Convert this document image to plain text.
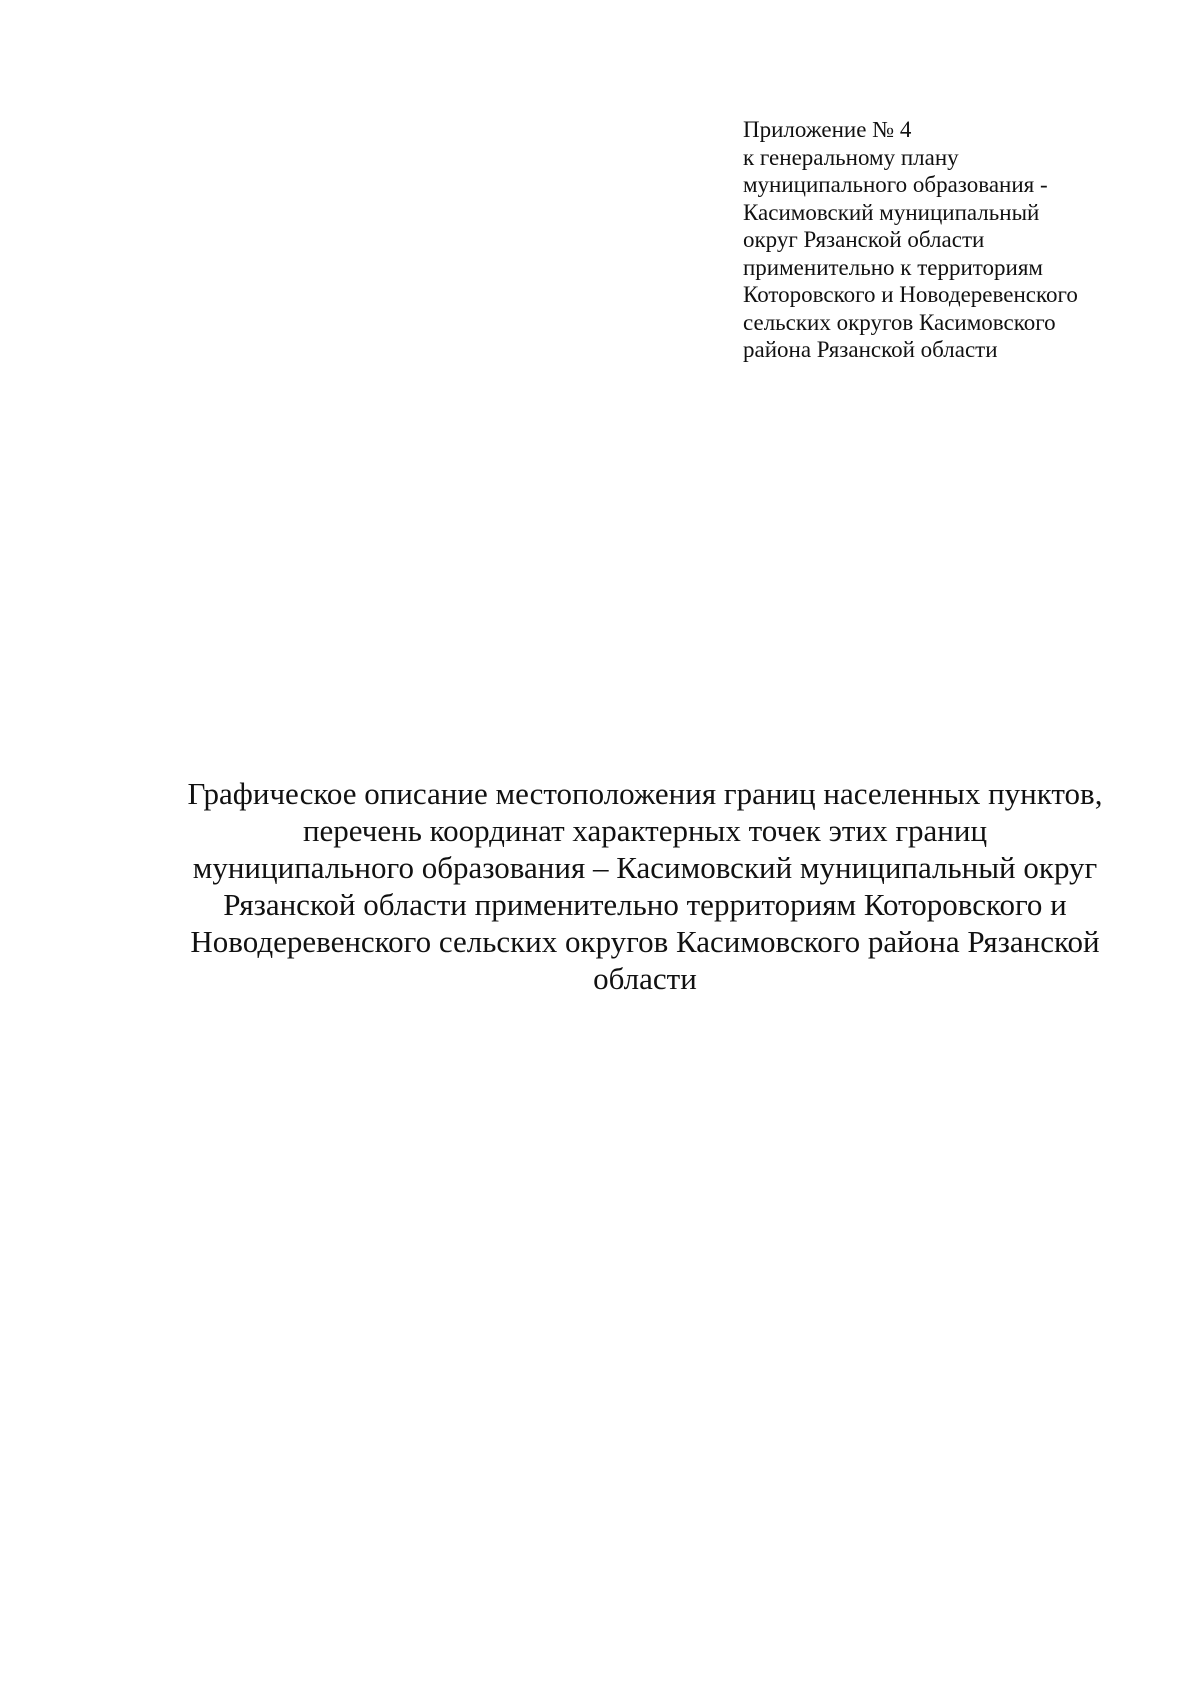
Приложение № 4
к генеральному плану
муниципального образования -
Касимовский муниципальный
округ Рязанской области
применительно к территориям
Которовского и Новодеревенского
сельских округов Касимовского
района Рязанской области
Графическое описание местоположения границ населенных пунктов,
перечень координат характерных точек этих границ
муниципального образования – Касимовский муниципальный округ
Рязанской области применительно территориям Которовского и
Новодеревенского сельских округов Касимовского района Рязанской
области
